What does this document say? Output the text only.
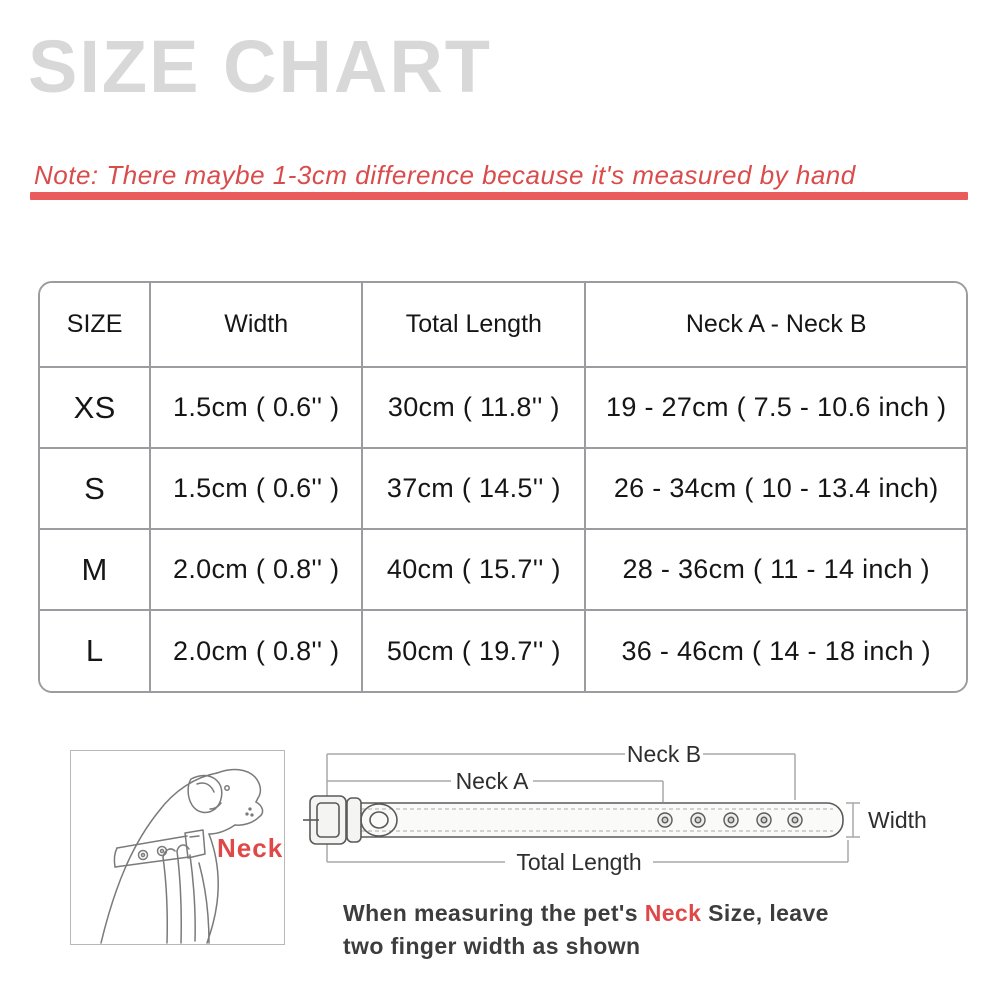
SIZE CHART
Note: There maybe 1-3cm difference because it's measured by hand
SIZE	Width	Total Length	Neck A - Neck B
XS	1.5cm ( 0.6'' )	30cm ( 11.8'' )	19 - 27cm ( 7.5 - 10.6 inch )
S	1.5cm ( 0.6'' )	37cm ( 14.5'' )	26 - 34cm ( 10 - 13.4 inch)
M	2.0cm ( 0.8'' )	40cm ( 15.7'' )	28 - 36cm ( 11 - 14 inch )
L	2.0cm ( 0.8'' )	50cm ( 19.7'' )	36 - 46cm ( 14 - 18 inch )
Neck
Neck B
Neck A
Total Length
Width
When measuring the pet's Neck Size, leave
two finger width as shown
